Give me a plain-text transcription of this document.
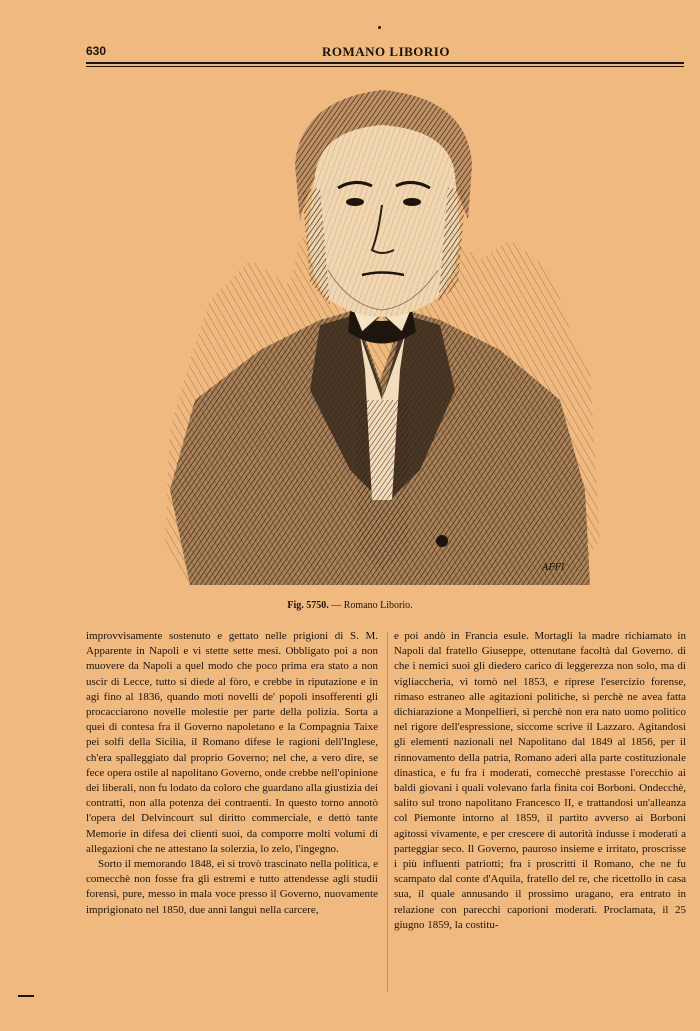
630	ROMANO LIBORIO
AFFI
Fig. 5750. — Romano Liborio.

improvvisamente sostenuto e gettato nelle prigioni di S. M. Apparente in Napoli e vi stette sette mesi. Obbligato poi a non muovere da Napoli a quel modo che poco prima era stato a non uscir di Lecce, tutto si diede al fòro, e crebbe in riputazione e in agi fino al 1836, quando moti novelli de' popoli insofferenti gli procacciarono novelle molestie per parte della polizia. Sorta a quei dì contesa fra il Governo napoletano e la Compagnia Taixe pei solfi della Sicilia, il Romano difese le ragioni dell'Inglese, ch'era spalleggiato dal proprio Governo; nel che, a vero dire, se fece opera ostile al napolitano Governo, onde crebbe nell'opinione dei liberali, non fu lodato da coloro che guardano alla giustizia dei contratti, non alla potenza dei contraenti. In questo torno annotò l'opera del Delvincourt sul diritto commerciale, e dettò tante Memorie in difesa dei clienti suoi, da comporre molti volumi di allegazioni che ne attestano la solerzia, lo zelo, l'ingegno.

Sorto il memorando 1848, ei si trovò trascinato nella politica, e comecchè non fosse fra gli estremi e tutto attendesse agli studii forensi, pure, messo in mala voce presso il Governo, nuovamente imprigionato nel 1850, due anni languì nella carcere,

e poi andò in Francia esule. Mortagli la madre richiamato in Napoli dal fratello Giuseppe, ottenutane facoltà dal Governo. di che i nemici suoi gli diedero carico di leggerezza non solo, ma di vigliaccheria, vi tornò nel 1853, e riprese l'esercizio forense, rimaso estraneo alle agitazioni politiche, sì perchè ne avea fatta dichiarazione a Monpellieri, sì perchè non era nato uomo politico nel rigore dell'espressione, siccome scrive il Lazzaro. Agitandosi gli elementi nazionali nel Napolitano dal 1849 al 1856, per il rinnovamento della patria, Romano aderì alla parte costituzionale dinastica, e fu fra i moderati, comecchè prestasse l'orecchio ai baldi giovani i quali volevano farla finita coi Borboni. Ondecchè, salito sul trono napolitano Francesco II, e trattandosi un'alleanza col Piemonte intorno al 1859, il partito avverso ai Borboni agitossi vivamente, e per crescere di autorità indusse i moderati a parteggiar seco. Il Governo, pauroso insieme e irritato, proscrisse i più influenti patriotti; fra i proscritti il Romano, che ne fu scampato dal conte d'Aquila, fratello del re, che ricettollo in casa sua, il quale annusando il prossimo uragano, era entrato in relazione con parecchi caporioni moderati. Proclamata, il 25 giugno 1859, la costitu-
